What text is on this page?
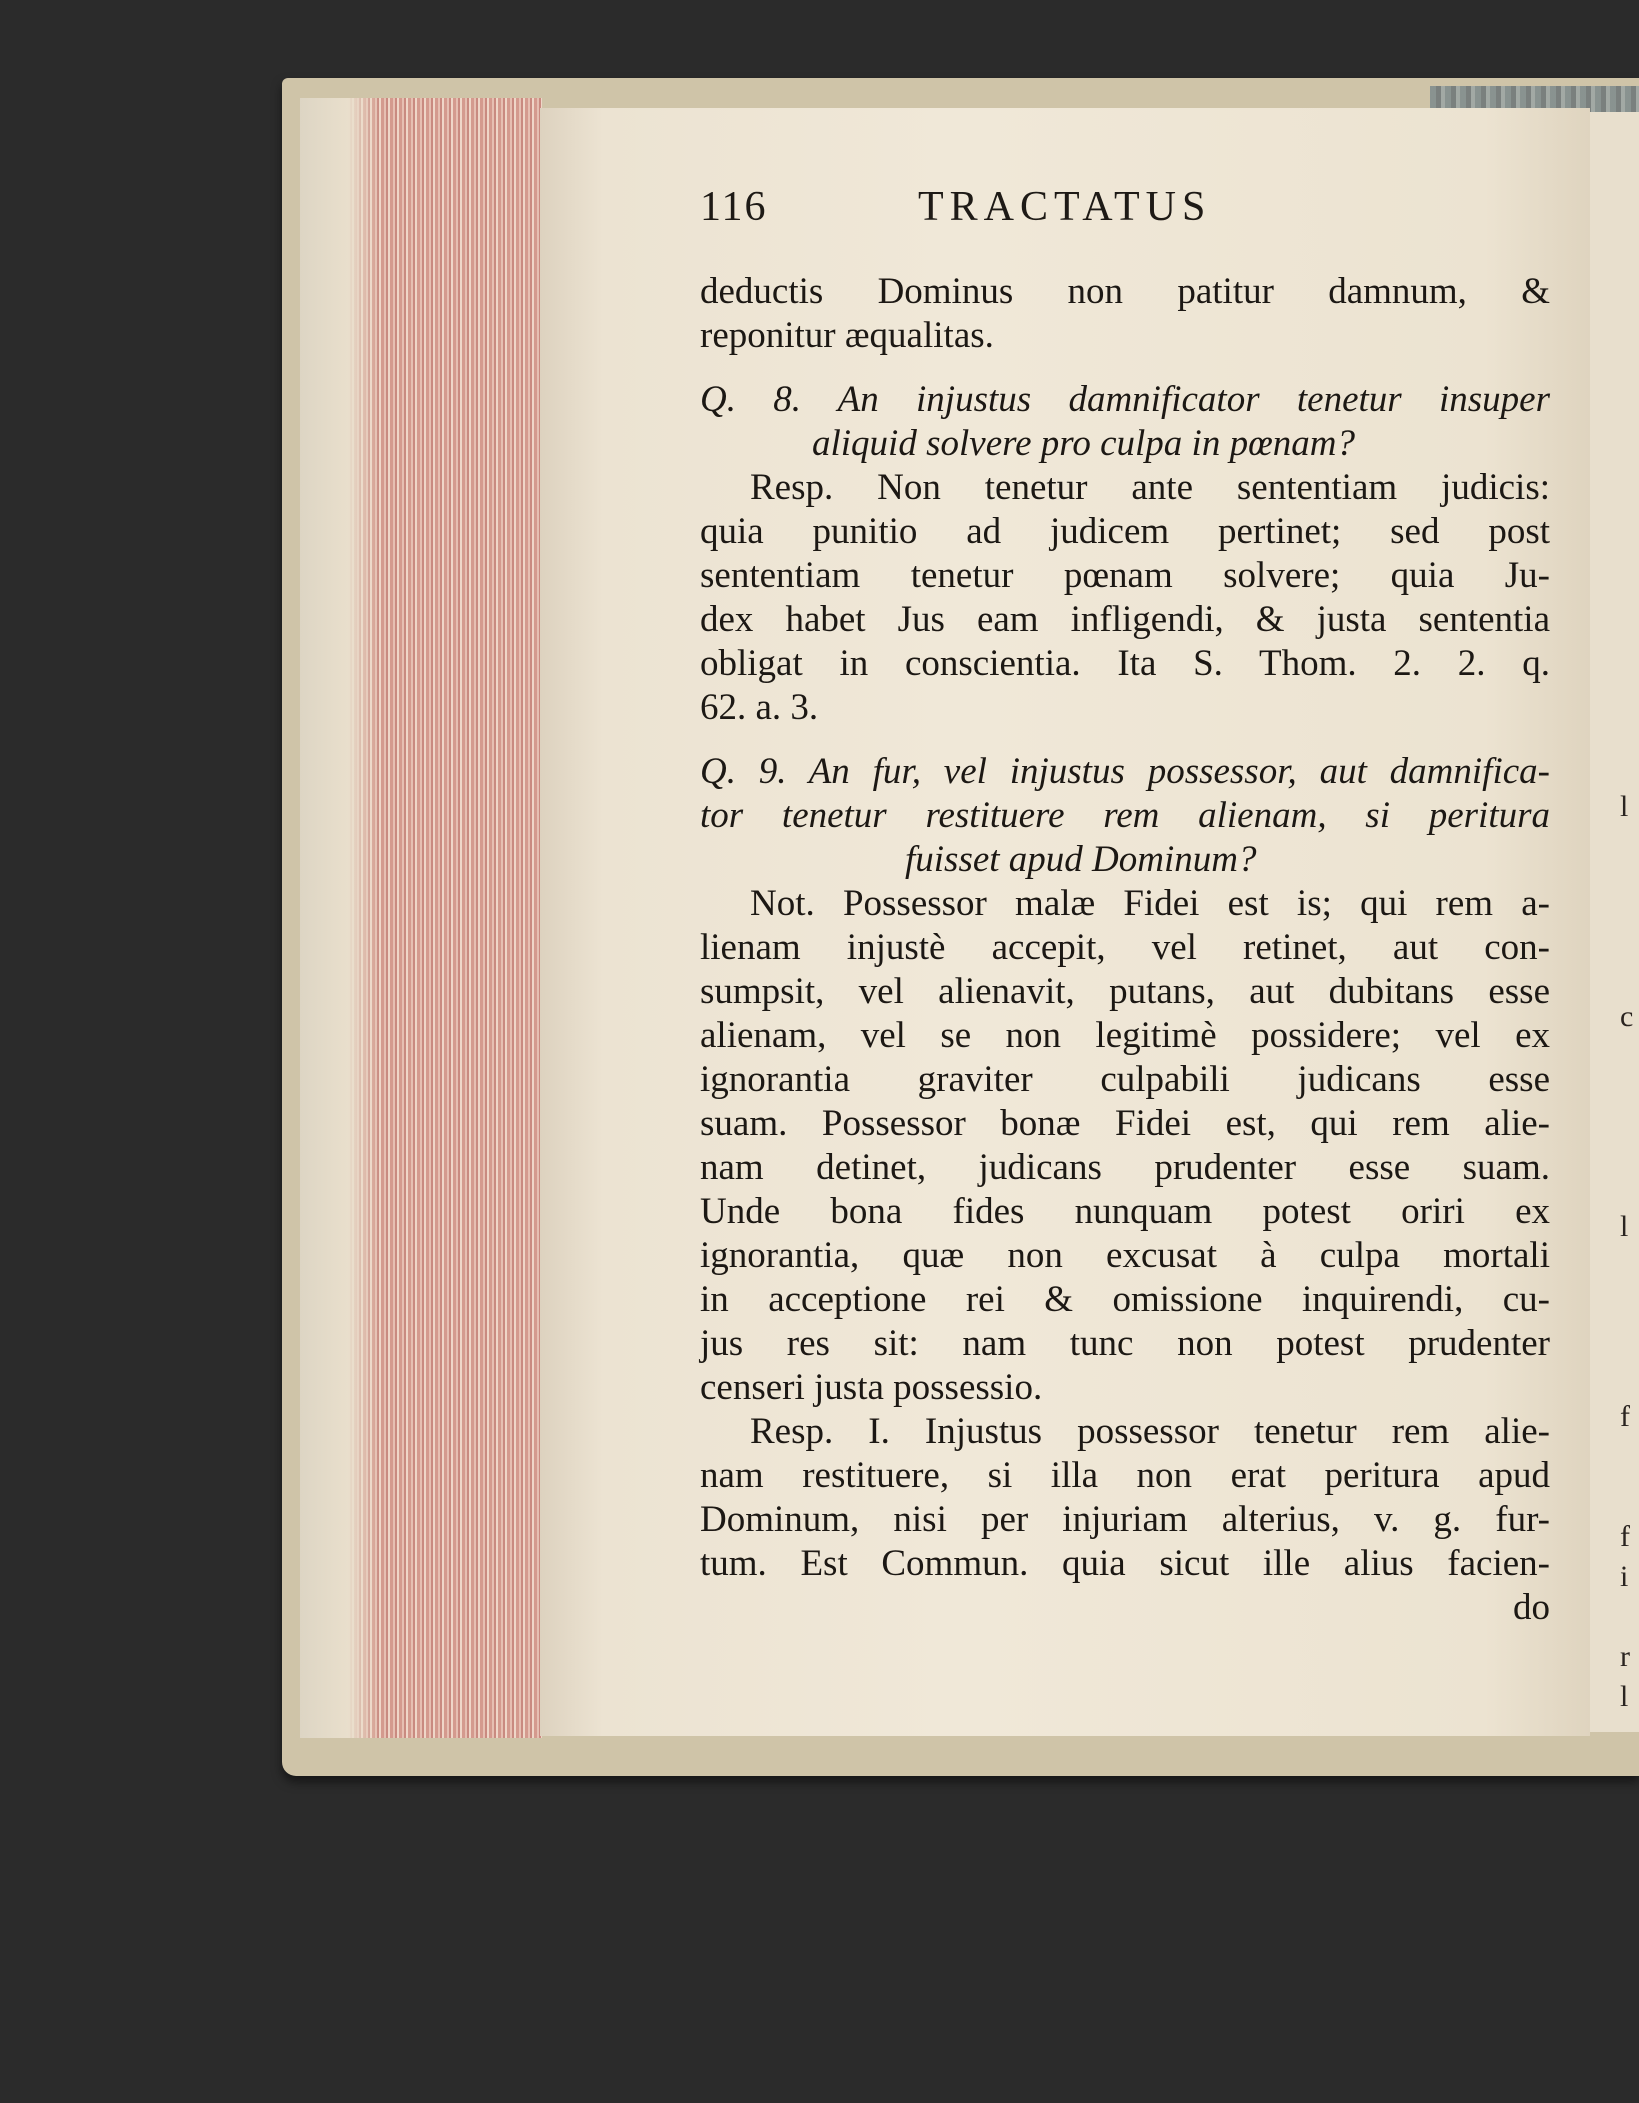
l
c
l
f
f
i
r
l
116	TRACTATUS
deductis Dominus non patitur damnum, &
reponitur æqualitas.
Q. 8. An injustus damnificator tenetur insuper
aliquid solvere pro culpa in pœnam?
Resp. Non tenetur ante sententiam judicis:
quia punitio ad judicem pertinet; sed post
sententiam tenetur pœnam solvere; quia Ju-
dex habet Jus eam infligendi, & justa sententia
obligat in conscientia. Ita S. Thom. 2. 2. q.
62. a. 3.
Q. 9. An fur, vel injustus possessor, aut damnifica-
tor tenetur restituere rem alienam, si peritura
fuisset apud Dominum?
Not. Possessor malæ Fidei est is; qui rem a-
lienam injustè accepit, vel retinet, aut con-
sumpsit, vel alienavit, putans, aut dubitans esse
alienam, vel se non legitimè possidere; vel ex
ignorantia graviter culpabili judicans esse
suam. Possessor bonæ Fidei est, qui rem alie-
nam detinet, judicans prudenter esse suam.
Unde bona fides nunquam potest oriri ex
ignorantia, quæ non excusat à culpa mortali
in acceptione rei & omissione inquirendi, cu-
jus res sit: nam tunc non potest prudenter
censeri justa possessio.
Resp. I. Injustus possessor tenetur rem alie-
nam restituere, si illa non erat peritura apud
Dominum, nisi per injuriam alterius, v. g. fur-
tum. Est Commun. quia sicut ille alius facien-
do
